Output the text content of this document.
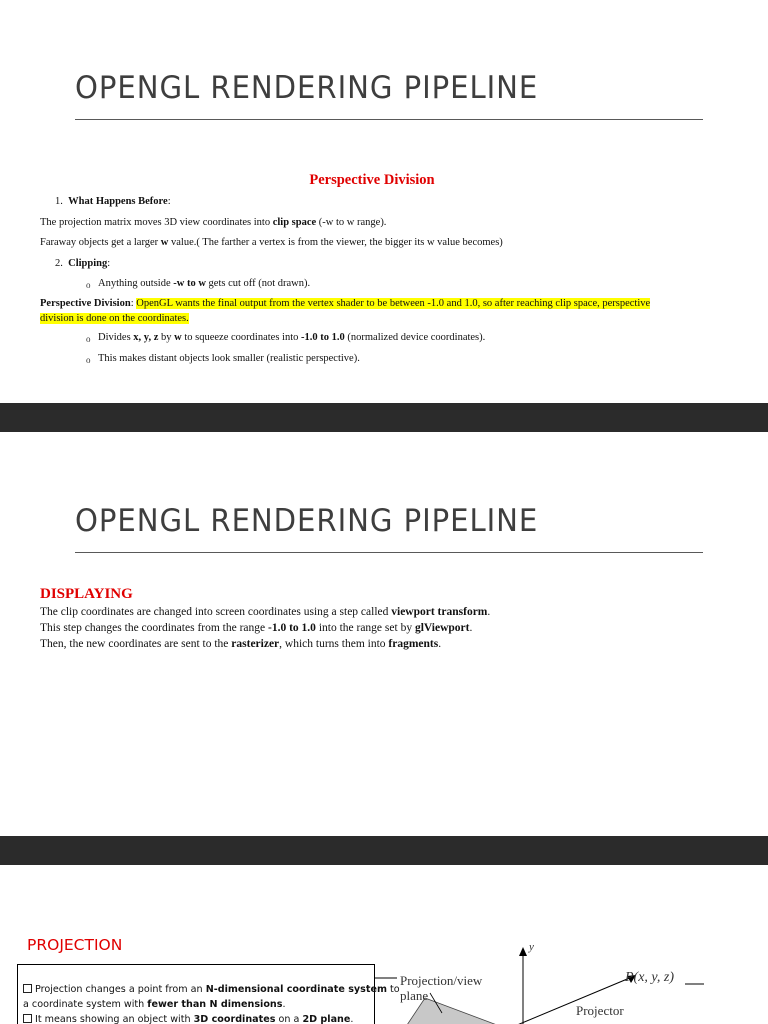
OPENGL RENDERING PIPELINE
Perspective Division
1. What Happens Before:
The projection matrix moves 3D view coordinates into clip space (-w to w range).
Faraway objects get a larger w value.( The farther a vertex is from the viewer, the bigger its w value becomes)
2. Clipping:
o Anything outside -w to w gets cut off (not drawn).
Perspective Division: OpenGL wants the final output from the vertex shader to be between -1.0 and 1.0, so after reaching clip space, perspective
division is done on the coordinates.
o Divides x, y, z by w to squeeze coordinates into -1.0 to 1.0 (normalized device coordinates).
o This makes distant objects look smaller (realistic perspective).
OPENGL RENDERING PIPELINE
DISPLAYING
The clip coordinates are changed into screen coordinates using a step called viewport transform.
This step changes the coordinates from the range -1.0 to 1.0 into the range set by glViewport.
Then, the new coordinates are sent to the rasterizer, which turns them into fragments.
PROJECTION
Projection changes a point from an N-dimensional coordinate system to
a coordinate system with fewer than N dimensions.
It means showing an object with 3D coordinates on a 2D plane.
Projection/view
plane
y
P(x, y, z)
Projector
